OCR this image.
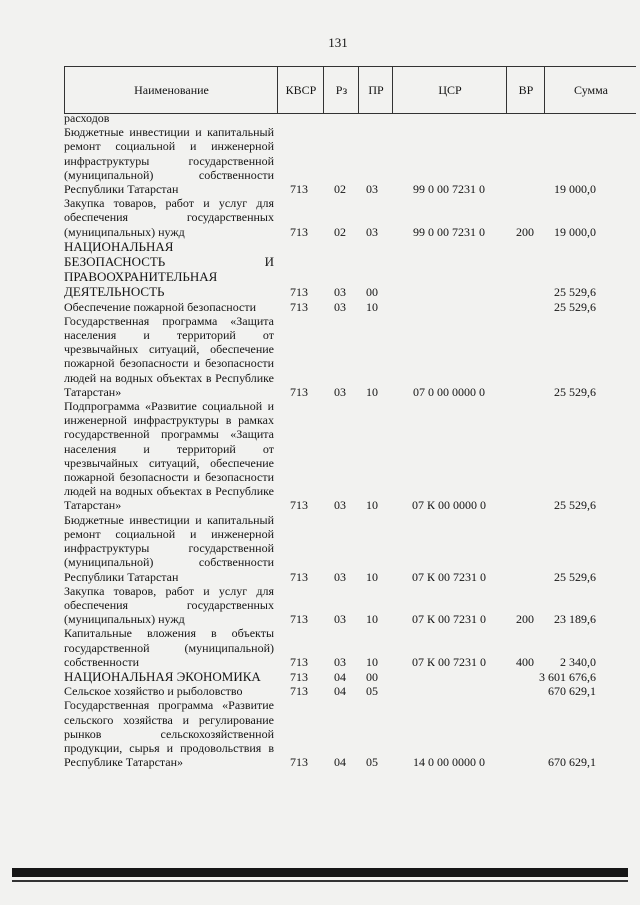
131
Наименование	КВСР	Рз	ПР	ЦСР	ВР	Сумма
расходов
Бюджетные инвестиции и капитальный ремонт социальной и инженерной инфраструктуры государственной (муниципальной) собственности Республики Татарстан	713 02 03	99 0 00 7231 0	19 000,0
Закупка товаров, работ и услуг для обеспечения государственных (муниципальных) нужд	713 02 03	99 0 00 7231 0	200	19 000,0
НАЦИОНАЛЬНАЯ БЕЗОПАСНОСТЬ И ПРАВООХРАНИТЕЛЬНАЯ ДЕЯТЕЛЬНОСТЬ	713 03 00	25 529,6
Обеспечение пожарной безопасности	713 03 10	25 529,6
Государственная программа «Защита населения и территорий от чрезвычайных ситуаций, обеспечение пожарной безопасности и безопасности людей на водных объектах в Республике Татарстан»	713 03 10	07 0 00 0000 0	25 529,6
Подпрограмма «Развитие социальной и инженерной инфраструктуры в рамках государственной программы «Защита населения и территорий от чрезвычайных ситуаций, обеспечение пожарной безопасности и безопасности людей на водных объектах в Республике Татарстан»	713 03 10	07 К 00 0000 0	25 529,6
Бюджетные инвестиции и капитальный ремонт социальной и инженерной инфраструктуры государственной (муниципальной) собственности Республики Татарстан	713 03 10	07 К 00 7231 0	25 529,6
Закупка товаров, работ и услуг для обеспечения государственных (муниципальных) нужд	713 03 10	07 К 00 7231 0	200	23 189,6
Капитальные вложения в объекты государственной (муниципальной) собственности	713 03 10	07 К 00 7231 0	400	2 340,0
НАЦИОНАЛЬНАЯ ЭКОНОМИКА	713 04 00	3 601 676,6
Сельское хозяйство и рыболовство	713 04 05	670 629,1
Государственная программа «Развитие сельского хозяйства и регулирование рынков сельскохозяйственной продукции, сырья и продовольствия в Республике Татарстан»	713 04 05	14 0 00 0000 0	670 629,1
